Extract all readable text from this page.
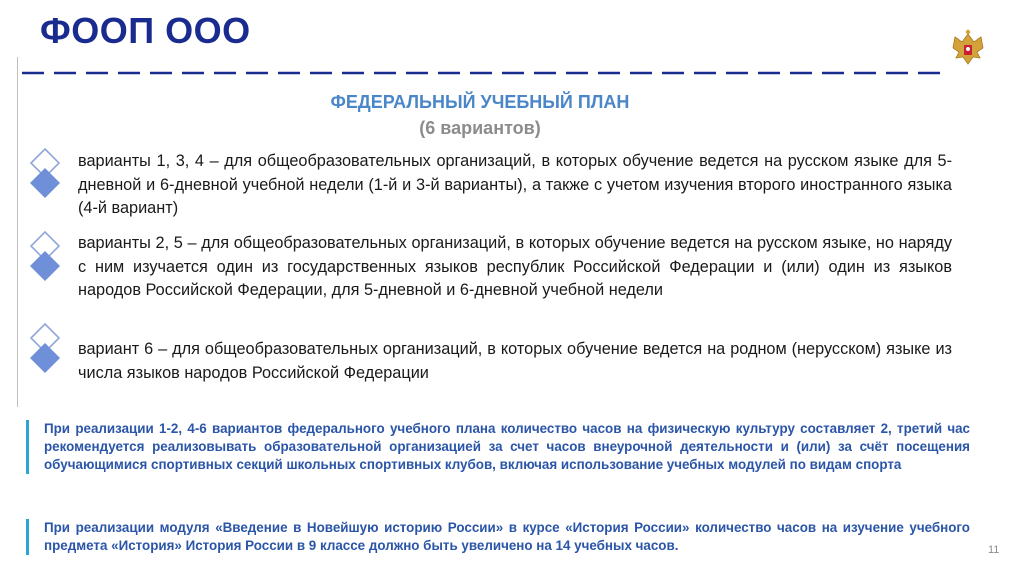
ФООП ООО
ФЕДЕРАЛЬНЫЙ УЧЕБНЫЙ ПЛАН
(6 вариантов)
варианты 1, 3, 4 – для общеобразовательных организаций, в которых обучение ведется на русском языке для 5-дневной и 6-дневной учебной недели (1-й и 3-й варианты), а также с учетом изучения второго иностранного языка (4-й вариант)
варианты 2, 5 – для общеобразовательных организаций, в которых обучение ведется на русском языке, но наряду с ним изучается один из государственных языков республик Российской Федерации и (или) один из языков народов Российской Федерации, для 5-дневной и 6-дневной учебной недели
вариант 6 – для общеобразовательных организаций, в которых обучение ведется на родном (нерусском) языке из числа языков народов Российской Федерации
При реализации 1-2, 4-6 вариантов федерального учебного плана количество часов на физическую культуру составляет 2, третий час рекомендуется реализовывать образовательной организацией за счет часов внеурочной деятельности и (или) за счёт посещения обучающимися спортивных секций школьных спортивных клубов, включая использование учебных модулей по видам спорта
При реализации модуля «Введение в Новейшую историю России» в курсе «История России» количество часов на изучение учебного предмета «История» История России в 9 классе должно быть увеличено на 14 учебных часов.	11
